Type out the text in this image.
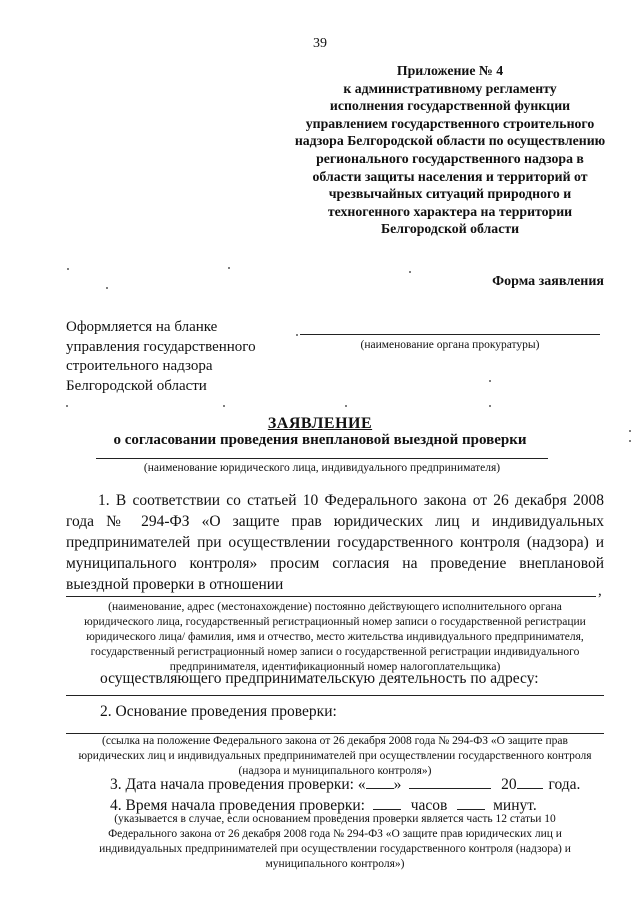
39
Приложение № 4
к административному регламенту
исполнения государственной функции
управлением государственного строительного
надзора Белгородской области по осуществлению
регионального государственного надзора в
области защиты населения и территорий от
чрезвычайных ситуаций природного и
техногенного характера на территории
Белгородской области
Форма заявления
Оформляется на бланке
управления государственного
строительного надзора
Белгородской области
(наименование органа прокуратуры)
ЗАЯВЛЕНИЕ
о согласовании проведения внеплановой выездной проверки
(наименование юридического лица, индивидуального предпринимателя)
1. В соответствии со статьей 10 Федерального закона от 26 декабря 2008 года № 294-ФЗ «О защите прав юридических лиц и индивидуальных предпринимателей при осуществлении государственного контроля (надзора) и муниципального контроля» просим согласия на проведение внеплановой выездной проверки в отношении	,
(наименование, адрес (местонахождение) постоянно действующего исполнительного органа
юридического лица, государственный регистрационный номер записи о государственной регистрации
юридического лица/ фамилия, имя и отчество, место жительства индивидуального предпринимателя,
государственный регистрационный номер записи о государственной регистрации индивидуального
предпринимателя, идентификационный номер налогоплательщика)
осуществляющего предпринимательскую деятельность по адресу:
2. Основание проведения проверки:
(ссылка на положение Федерального закона от 26 декабря 2008 года № 294-ФЗ «О защите прав
юридических лиц и индивидуальных предпринимателей при осуществлении государственного контроля
(надзора и муниципального контроля»)
3. Дата начала проведения проверки: « »	20 года.
4. Время начала проведения проверки:	часов	минут.
(указывается в случае, если основанием проведения проверки является часть 12 статьи 10
Федерального закона от 26 декабря 2008 года № 294-ФЗ «О защите прав юридических лиц и
индивидуальных предпринимателей при осуществлении государственного контроля (надзора) и
муниципального контроля»)
